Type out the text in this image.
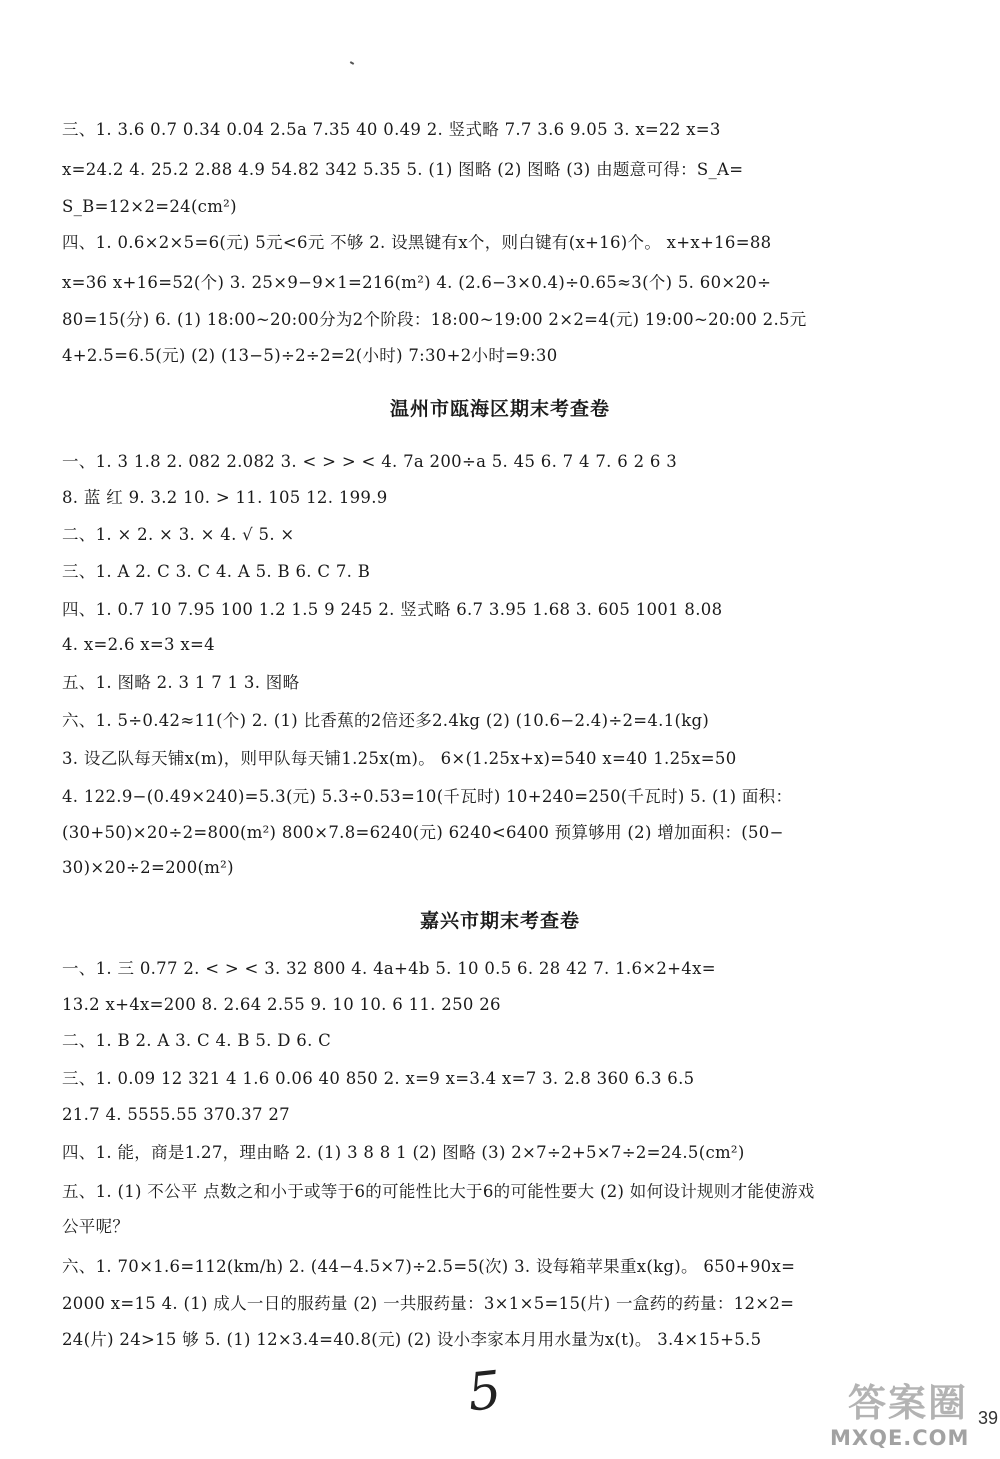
三、1. 3.6 0.7 0.34 0.04 2.5a 7.35 40 0.49 2. 竖式略 7.7 3.6 9.05 3. x=22 x=3
x=24.2 4. 25.2 2.88 4.9 54.82 342 5.35 5. (1) 图略 (2) 图略 (3) 由题意可得：S_A=
S_B=12×2=24(cm²)
四、1. 0.6×2×5=6(元) 5元<6元 不够 2. 设黑键有x个，则白键有(x+16)个。 x+x+16=88
x=36 x+16=52(个) 3. 25×9−9×1=216(m²) 4. (2.6−3×0.4)÷0.65≈3(个) 5. 60×20÷
80=15(分) 6. (1) 18:00~20:00分为2个阶段：18:00~19:00 2×2=4(元) 19:00~20:00 2.5元
4+2.5=6.5(元) (2) (13−5)÷2÷2=2(小时) 7:30+2小时=9:30
温州市瓯海区期末考查卷
一、1. 3 1.8 2. 082 2.082 3. < > > < 4. 7a 200÷a 5. 45 6. 7 4 7. 6 2 6 3
8. 蓝 红 9. 3.2 10. > 11. 105 12. 199.9
二、1. × 2. × 3. × 4. √ 5. ×
三、1. A 2. C 3. C 4. A 5. B 6. C 7. B
四、1. 0.7 10 7.95 100 1.2 1.5 9 245 2. 竖式略 6.7 3.95 1.68 3. 605 1001 8.08
4. x=2.6 x=3 x=4
五、1. 图略 2. 3 1 7 1 3. 图略
六、1. 5÷0.42≈11(个) 2. (1) 比香蕉的2倍还多2.4kg (2) (10.6−2.4)÷2=4.1(kg)
3. 设乙队每天铺x(m)，则甲队每天铺1.25x(m)。 6×(1.25x+x)=540 x=40 1.25x=50
4. 122.9−(0.49×240)=5.3(元) 5.3÷0.53=10(千瓦时) 10+240=250(千瓦时) 5. (1) 面积：
(30+50)×20÷2=800(m²) 800×7.8=6240(元) 6240<6400 预算够用 (2) 增加面积：(50−
30)×20÷2=200(m²)
嘉兴市期末考查卷
一、1. 三 0.77 2. < > < 3. 32 800 4. 4a+4b 5. 10 0.5 6. 28 42 7. 1.6×2+4x=
13.2 x+4x=200 8. 2.64 2.55 9. 10 10. 6 11. 250 26
二、1. B 2. A 3. C 4. B 5. D 6. C
三、1. 0.09 12 321 4 1.6 0.06 40 850 2. x=9 x=3.4 x=7 3. 2.8 360 6.3 6.5
21.7 4. 5555.55 370.37 27
四、1. 能，商是1.27，理由略 2. (1) 3 8 8 1 (2) 图略 (3) 2×7÷2+5×7÷2=24.5(cm²)
五、1. (1) 不公平 点数之和小于或等于6的可能性比大于6的可能性要大 (2) 如何设计规则才能使游戏
公平呢？
六、1. 70×1.6=112(km/h) 2. (44−4.5×7)÷2.5=5(次) 3. 设每箱苹果重x(kg)。 650+90x=
2000 x=15 4. (1) 成人一日的服药量 (2) 一共服药量：3×1×5=15(片) 一盒药的药量：12×2=
24(片) 24>15 够 5. (1) 12×3.4=40.8(元) (2) 设小李家本月用水量为x(t)。 3.4×15+5.5
5	答案圈
MXQE.COM
39
